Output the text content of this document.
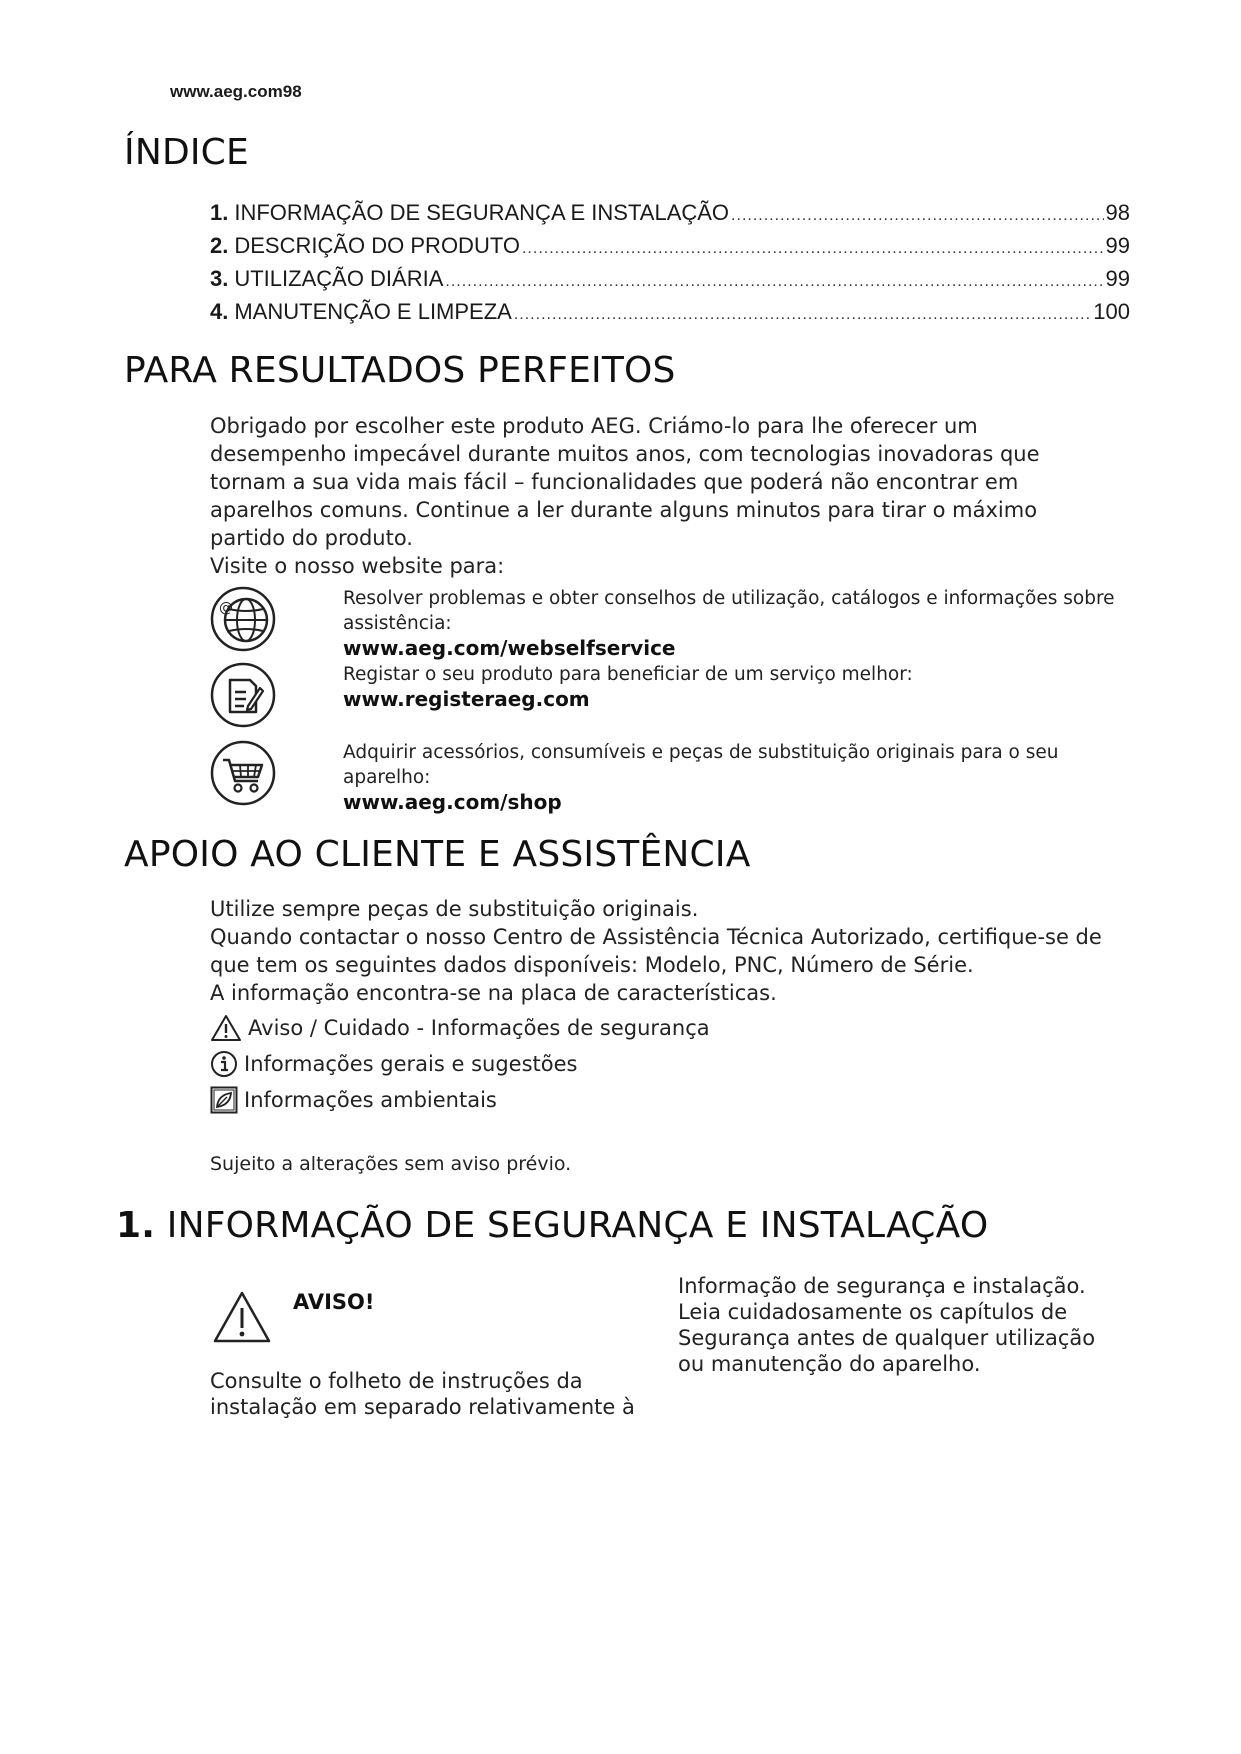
www.aeg.com98
ÍNDICE
1. INFORMAÇÃO DE SEGURANÇA E INSTALAÇÃO .....	98
2. DESCRIÇÃO DO PRODUTO .....	99
3. UTILIZAÇÃO DIÁRIA .....	99
4. MANUTENÇÃO E LIMPEZA .....	100
PARA RESULTADOS PERFEITOS

Obrigado por escolher este produto AEG. Criámo-lo para lhe oferecer um desempenho impecável durante muitos anos, com tecnologias inovadoras que tornam a sua vida mais fácil – funcionalidades que poderá não encontrar em aparelhos comuns. Continue a ler durante alguns minutos para tirar o máximo partido do produto.

Visite o nosso website para:

@	Resolver problemas e obter conselhos de utilização, catálogos e informações sobre assistência:
www.aeg.com/webselfservice
Registar o seu produto para beneficiar de um serviço melhor:
www.registeraeg.com
Adquirir acessórios, consumíveis e peças de substituição originais para o seu aparelho:
www.aeg.com/shop
APOIO AO CLIENTE E ASSISTÊNCIA

Utilize sempre peças de substituição originais.

Quando contactar o nosso Centro de Assistência Técnica Autorizado, certifique-se de que tem os seguintes dados disponíveis: Modelo, PNC, Número de Série.

A informação encontra-se na placa de características.

Aviso / Cuidado - Informações de segurança
Informações gerais e sugestões
Informações ambientais
Sujeito a alterações sem aviso prévio.
1. INFORMAÇÃO DE SEGURANÇA E INSTALAÇÃO
AVISO!
Consulte o folheto de instruções da instalação em separado relativamente à
Informação de segurança e instalação. Leia cuidadosamente os capítulos de Segurança antes de qualquer utilização ou manutenção do aparelho.
